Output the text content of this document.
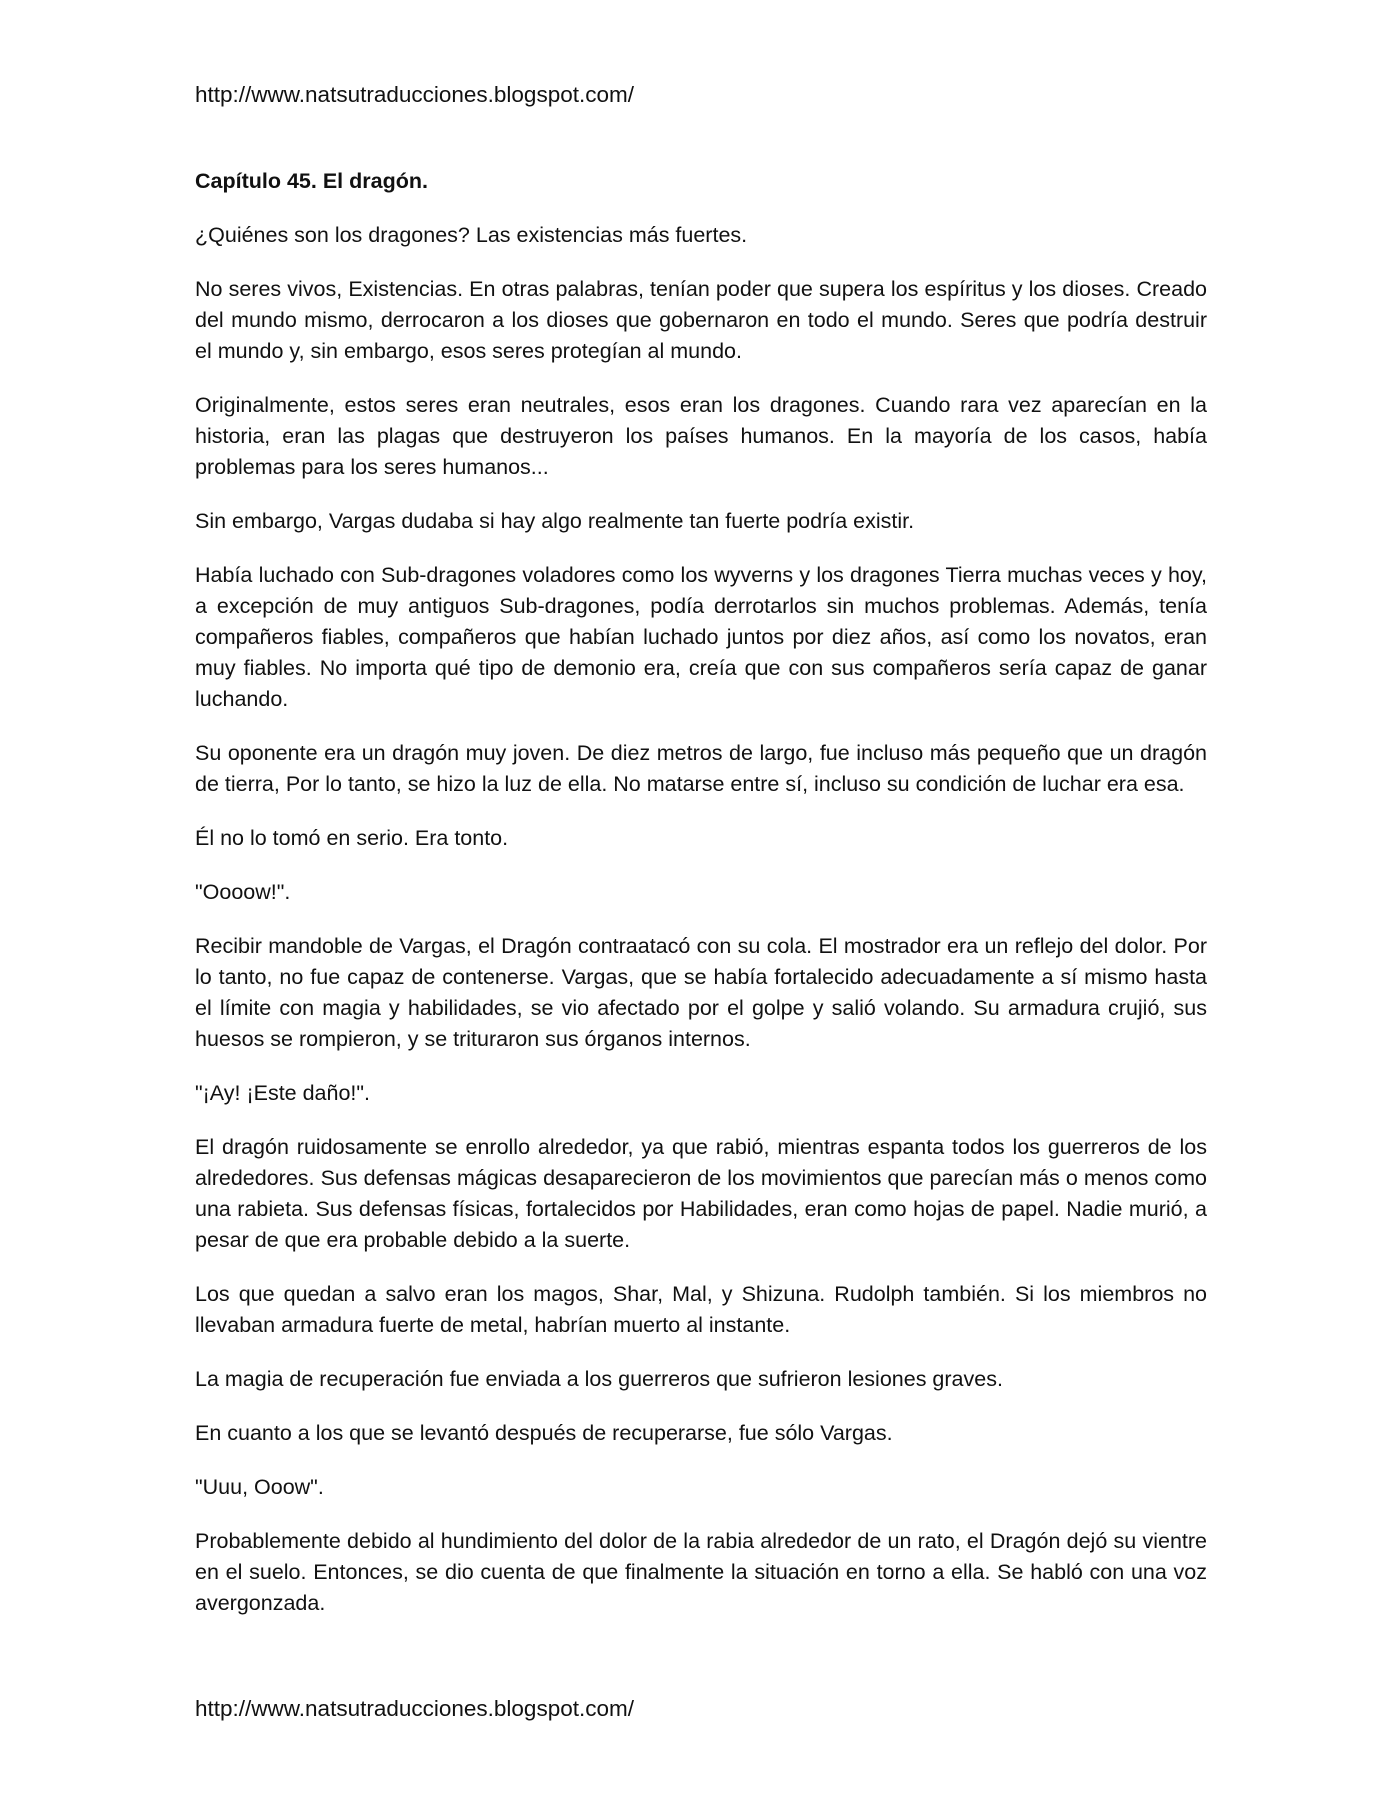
http://www.natsutraducciones.blogspot.com/
Capítulo 45. El dragón.

¿Quiénes son los dragones? Las existencias más fuertes.

No seres vivos, Existencias. En otras palabras, tenían poder que supera los espíritus y los dioses. Creado del mundo mismo, derrocaron a los dioses que gobernaron en todo el mundo. Seres que podría destruir el mundo y, sin embargo, esos seres protegían al mundo.

Originalmente, estos seres eran neutrales, esos eran los dragones. Cuando rara vez aparecían en la historia, eran las plagas que destruyeron los países humanos. En la mayoría de los casos, había problemas para los seres humanos...

Sin embargo, Vargas dudaba si hay algo realmente tan fuerte podría existir.

Había luchado con Sub-dragones voladores como los wyverns y los dragones Tierra muchas veces y hoy, a excepción de muy antiguos Sub-dragones, podía derrotarlos sin muchos problemas. Además, tenía compañeros fiables, compañeros que habían luchado juntos por diez años, así como los novatos, eran muy fiables. No importa qué tipo de demonio era, creía que con sus compañeros sería capaz de ganar luchando.

Su oponente era un dragón muy joven. De diez metros de largo, fue incluso más pequeño que un dragón de tierra, Por lo tanto, se hizo la luz de ella. No matarse entre sí, incluso su condición de luchar era esa.

Él no lo tomó en serio. Era tonto.

"Oooow!".

Recibir mandoble de Vargas, el Dragón contraatacó con su cola. El mostrador era un reflejo del dolor. Por lo tanto, no fue capaz de contenerse. Vargas, que se había fortalecido adecuadamente a sí mismo hasta el límite con magia y habilidades, se vio afectado por el golpe y salió volando. Su armadura crujió, sus huesos se rompieron, y se trituraron sus órganos internos.

"¡Ay! ¡Este daño!".

El dragón ruidosamente se enrollo alrededor, ya que rabió, mientras espanta todos los guerreros de los alrededores. Sus defensas mágicas desaparecieron de los movimientos que parecían más o menos como una rabieta. Sus defensas físicas, fortalecidos por Habilidades, eran como hojas de papel. Nadie murió, a pesar de que era probable debido a la suerte.

Los que quedan a salvo eran los magos, Shar, Mal, y Shizuna. Rudolph también. Si los miembros no llevaban armadura fuerte de metal, habrían muerto al instante.

La magia de recuperación fue enviada a los guerreros que sufrieron lesiones graves.

En cuanto a los que se levantó después de recuperarse, fue sólo Vargas.

"Uuu, Ooow".

Probablemente debido al hundimiento del dolor de la rabia alrededor de un rato, el Dragón dejó su vientre en el suelo. Entonces, se dio cuenta de que finalmente la situación en torno a ella. Se habló con una voz avergonzada.

http://www.natsutraducciones.blogspot.com/
